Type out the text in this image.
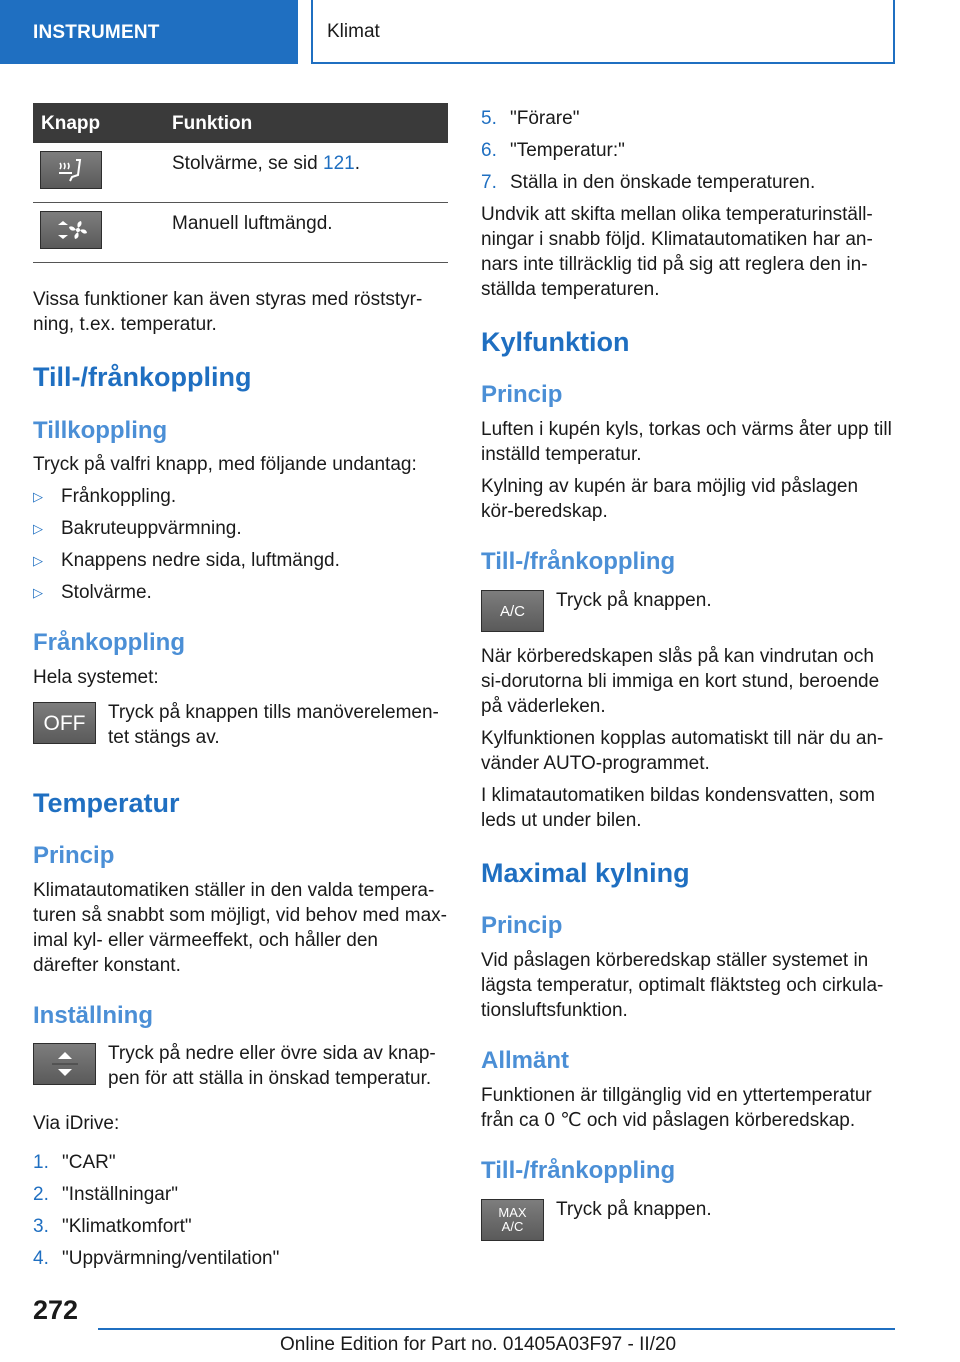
INSTRUMENT	Klimat
Knapp	Funktion

	Stolvärme, se sid 121.

	Manuell luftmängd.

Vissa funktioner kan även styras med röststyr-ning, t.ex. temperatur.

Till-/frånkoppling
Tillkoppling

Tryck på valfri knapp, med följande undantag:

▷ Frånkoppling.
▷ Bakruteuppvärmning.
▷ Knappens nedre sida, luftmängd.
▷ Stolvärme.
Frånkoppling

Hela systemet:

OFF	Tryck på knappen tills manöverelemen-tet stängs av.

Temperatur
Princip

Klimatautomatiken ställer in den valda tempera-turen så snabbt som möjligt, vid behov med max-imal kyl- eller värmeeffekt, och håller den därefter konstant.

Inställning

Tryck på nedre eller övre sida av knap-pen för att ställa in önskad temperatur.

Via iDrive:

1. "CAR"
2. "Inställningar"
3. "Klimatkomfort"
4. "Uppvärmning/ventilation"
5. "Förare"
6. "Temperatur:"
7. Ställa in den önskade temperaturen.

Undvik att skifta mellan olika temperaturinställ-ningar i snabb följd. Klimatautomatiken har an-nars inte tillräcklig tid på sig att reglera den in-ställda temperaturen.

Kylfunktion
Princip

Luften i kupén kyls, torkas och värms åter upp till inställd temperatur.

Kylning av kupén är bara möjlig vid påslagen kör-beredskap.

Till-/frånkoppling
A/C	Tryck på knappen.

När körberedskapen slås på kan vindrutan och si-dorutorna bli immiga en kort stund, beroende på väderleken.

Kylfunktionen kopplas automatiskt till när du an-vänder AUTO-programmet.

I klimatautomatiken bildas kondensvatten, som leds ut under bilen.

Maximal kylning
Princip

Vid påslagen körberedskap ställer systemet in lägsta temperatur, optimalt fläktsteg och cirkula-tionsluftsfunktion.

Allmänt

Funktionen är tillgänglig vid en yttertemperatur från ca 0 ℃ och vid påslagen körberedskap.

Till-/frånkoppling
MAX
A/C

Tryck på knappen.

272
Online Edition for Part no. 01405A03F97 - II/20
